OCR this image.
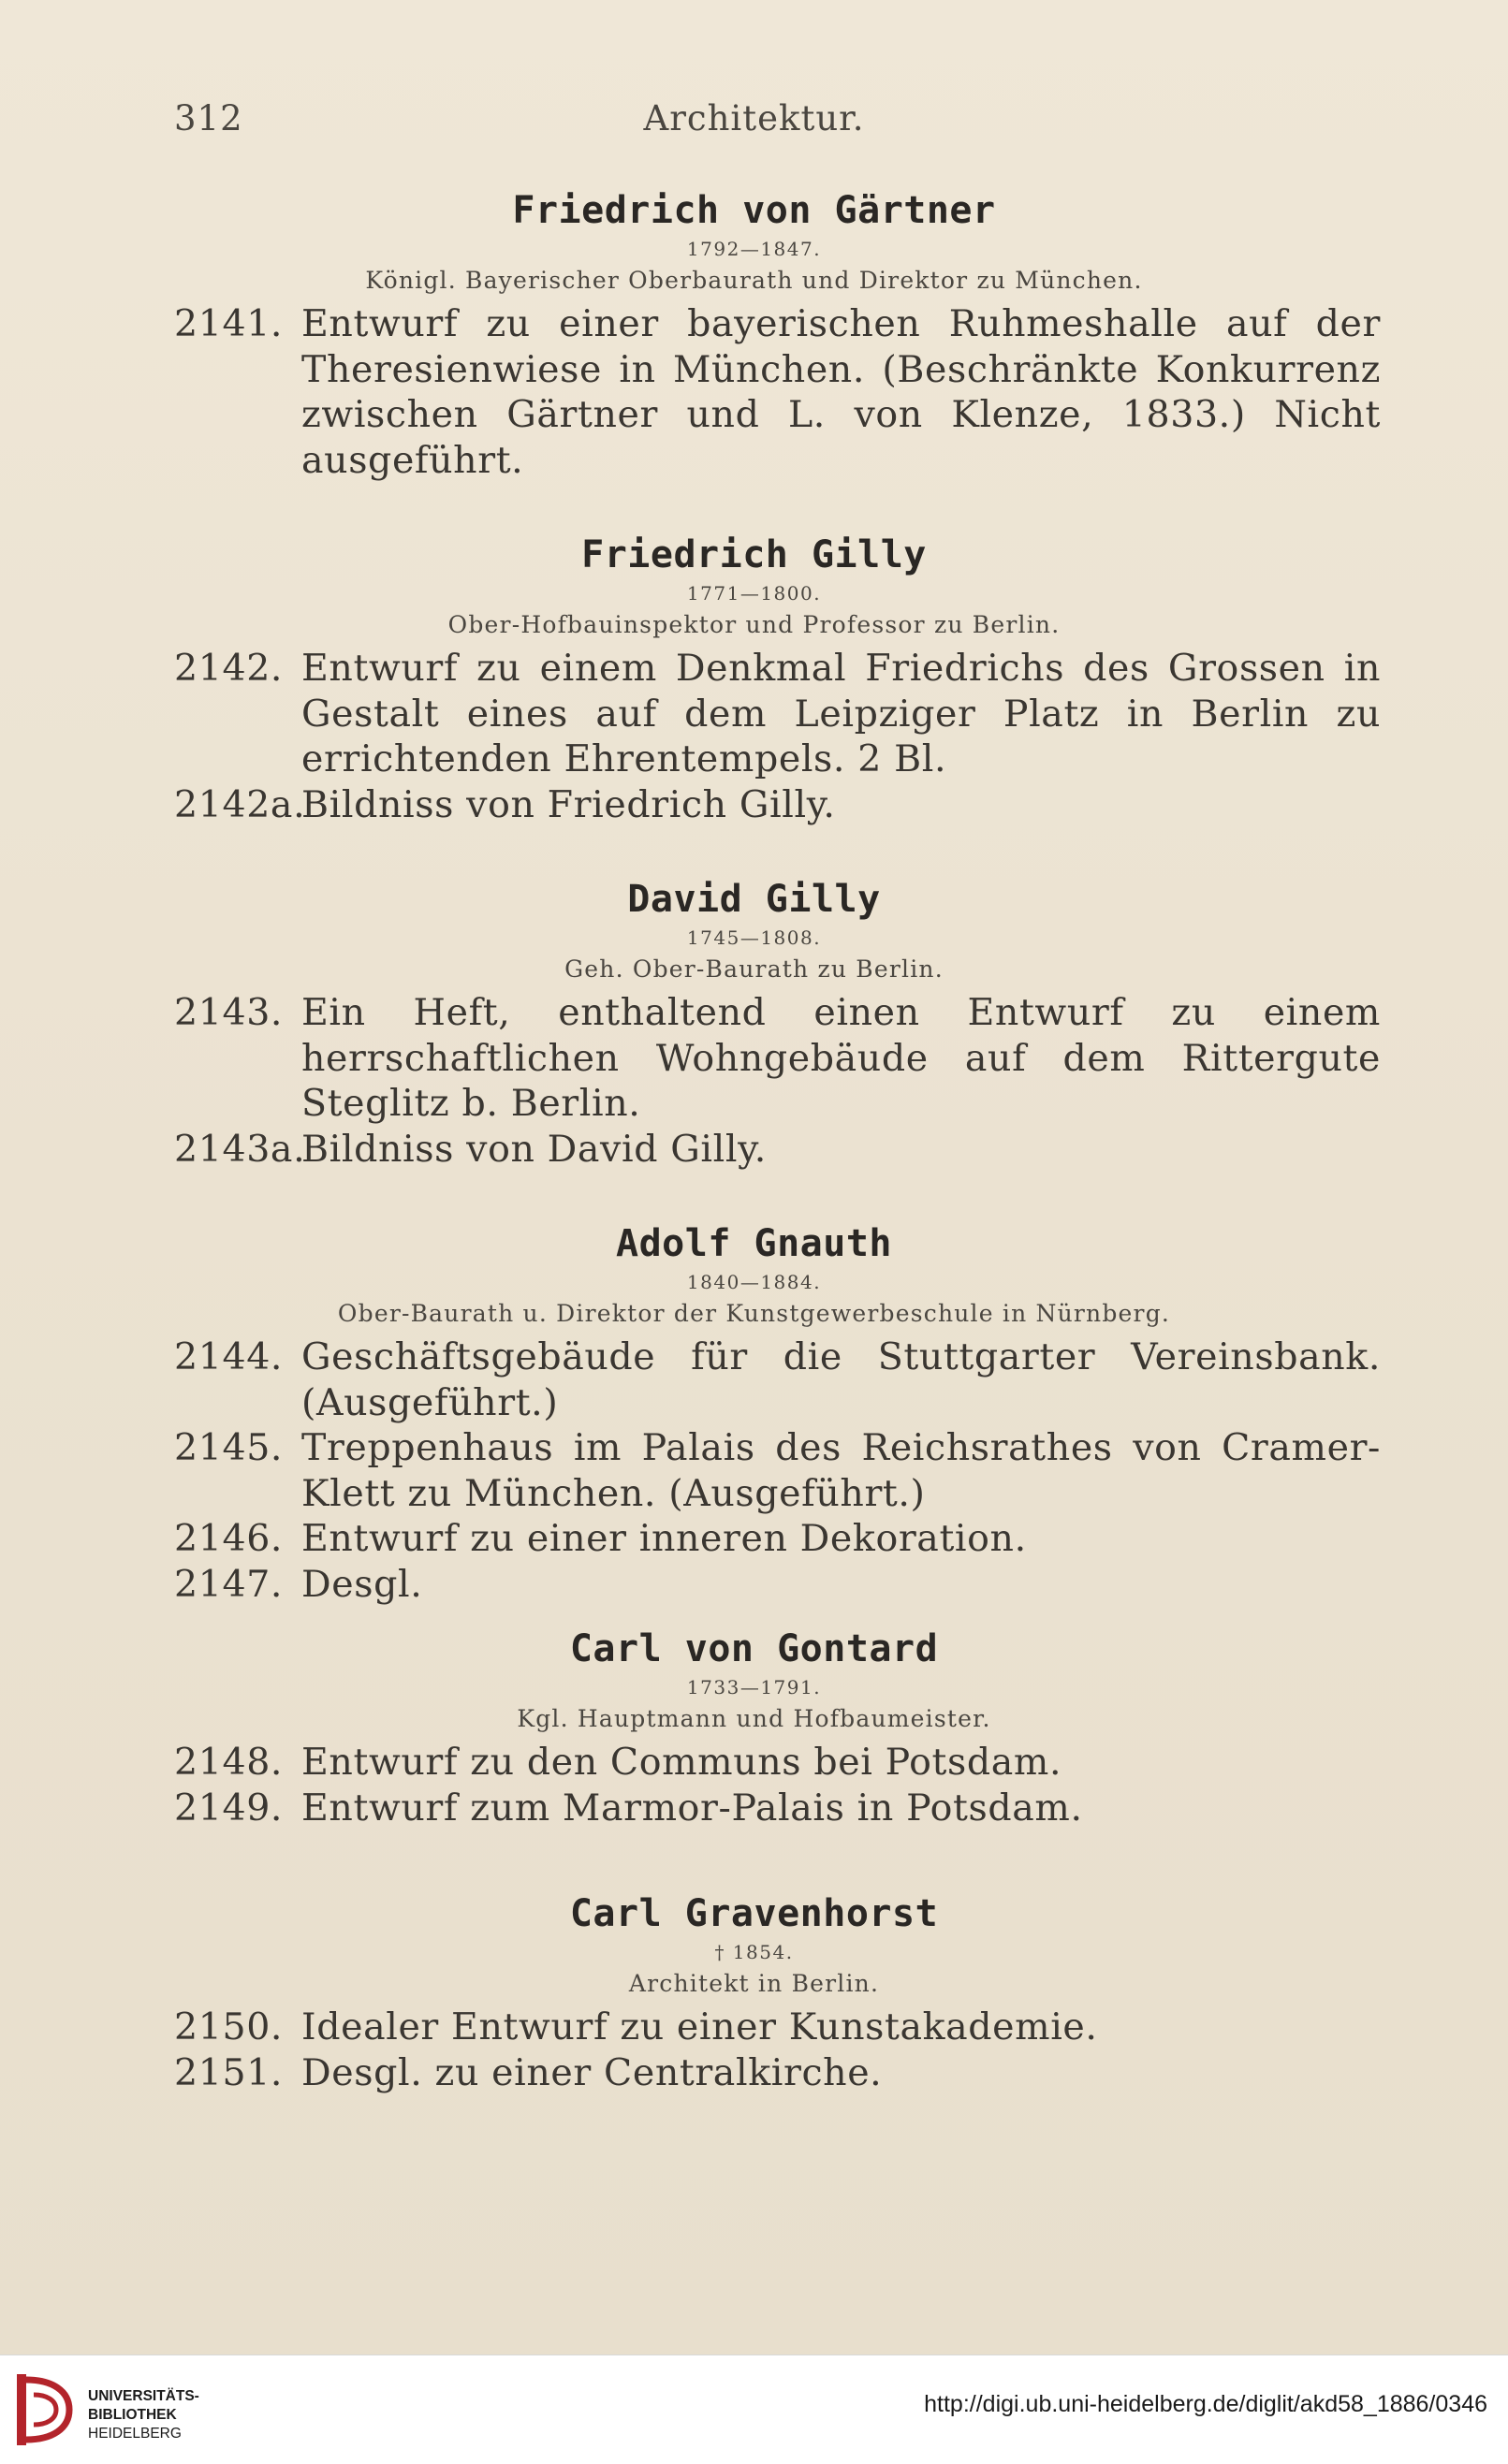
312	Architektur.

Friedrich von Gärtner

1792—1847.

Königl. Bayerischer Oberbaurath und Direktor zu München.

2141. Entwurf zu einer bayerischen Ruhmeshalle auf der Theresienwiese in München. (Beschränkte Konkurrenz zwischen Gärtner und L. von Klenze, 1833.) Nicht ausgeführt.

Friedrich Gilly

1771—1800.

Ober-Hofbauinspektor und Professor zu Berlin.

2142. Entwurf zu einem Denkmal Friedrichs des Grossen in Gestalt eines auf dem Leipziger Platz in Berlin zu errichtenden Ehrentempels. 2 Bl.
2142a.
Bildniss von Friedrich Gilly.

David Gilly

1745—1808.

Geh. Ober-Baurath zu Berlin.

2143. Ein Heft, enthaltend einen Entwurf zu einem herrschaftlichen Wohngebäude auf dem Rittergute Steglitz b. Berlin.
2143a.
Bildniss von David Gilly.

Adolf Gnauth

1840—1884.

Ober-Baurath u. Direktor der Kunstgewerbeschule in Nürnberg.

2144. Geschäftsgebäude für die Stuttgarter Vereinsbank. (Ausgeführt.)
2145. Treppenhaus im Palais des Reichsrathes von Cramer-Klett zu München. (Ausgeführt.)
2146. Entwurf zu einer inneren Dekoration.
2147. Desgl.

Carl von Gontard

1733—1791.

Kgl. Hauptmann und Hofbaumeister.

2148. Entwurf zu den Communs bei Potsdam.
2149. Entwurf zum Marmor-Palais in Potsdam.

Carl Gravenhorst

† 1854.

Architekt in Berlin.

2150. Idealer Entwurf zu einer Kunstakademie.
2151. Desgl. zu einer Centralkirche.
UNIVERSITÄTS-
BIBLIOTHEK
HEIDELBERG
http://digi.ub.uni-heidelberg.de/diglit/akd58_1886/0346
